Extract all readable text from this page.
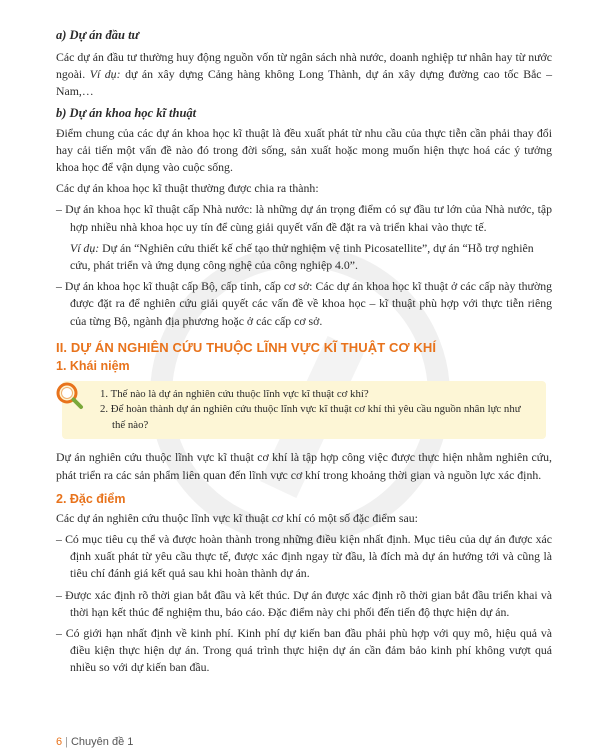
a) Dự án đầu tư

Các dự án đầu tư thường huy động nguồn vốn từ ngân sách nhà nước, doanh nghiệp tư nhân hay từ nước ngoài. Ví dụ: dự án xây dựng Cảng hàng không Long Thành, dự án xây dựng đường cao tốc Bắc – Nam,…

b) Dự án khoa học kĩ thuật

Điểm chung của các dự án khoa học kĩ thuật là đều xuất phát từ nhu cầu của thực tiễn cần phải thay đổi hay cải tiến một vấn đề nào đó trong đời sống, sản xuất hoặc mong muốn hiện thực hoá các ý tưởng khoa học để vận dụng vào cuộc sống.

Các dự án khoa học kĩ thuật thường được chia ra thành:

– Dự án khoa học kĩ thuật cấp Nhà nước: là những dự án trọng điểm có sự đầu tư lớn của Nhà nước, tập hợp nhiều nhà khoa học uy tín để cùng giải quyết vấn đề đặt ra và triển khai vào thực tế.

Ví dụ: Dự án “Nghiên cứu thiết kế chế tạo thử nghiệm vệ tinh Picosatellite”, dự án “Hỗ trợ nghiên cứu, phát triển và ứng dụng công nghệ của công nghiệp 4.0”.

– Dự án khoa học kĩ thuật cấp Bộ, cấp tỉnh, cấp cơ sở: Các dự án khoa học kĩ thuật ở các cấp này thường được đặt ra để nghiên cứu giải quyết các vấn đề về khoa học – kĩ thuật phù hợp với thực tiễn riêng của từng Bộ, ngành địa phương hoặc ở các cấp cơ sở.

II. DỰ ÁN NGHIÊN CỨU THUỘC LĨNH VỰC KĨ THUẬT CƠ KHÍ

1. Khái niệm

1. Thế nào là dự án nghiên cứu thuộc lĩnh vực kĩ thuật cơ khí?
2. Để hoàn thành dự án nghiên cứu thuộc lĩnh vực kĩ thuật cơ khí thì yêu cầu nguồn nhân lực như thế nào?

Dự án nghiên cứu thuộc lĩnh vực kĩ thuật cơ khí là tập hợp công việc được thực hiện nhằm nghiên cứu, phát triển ra các sản phẩm liên quan đến lĩnh vực cơ khí trong khoảng thời gian và nguồn lực xác định.

2. Đặc điểm

Các dự án nghiên cứu thuộc lĩnh vực kĩ thuật cơ khí có một số đặc điểm sau:

– Có mục tiêu cụ thể và được hoàn thành trong những điều kiện nhất định. Mục tiêu của dự án được xác định xuất phát từ yêu cầu thực tế, được xác định ngay từ đầu, là đích mà dự án hướng tới và cũng là tiêu chí đánh giá kết quả sau khi hoàn thành dự án.

– Được xác định rõ thời gian bắt đầu và kết thúc. Dự án được xác định rõ thời gian bắt đầu triển khai và thời hạn kết thúc để nghiệm thu, báo cáo. Đặc điểm này chi phối đến tiến độ thực hiện dự án.

– Có giới hạn nhất định về kinh phí. Kinh phí dự kiến ban đầu phải phù hợp với quy mô, hiệu quả và điều kiện thực hiện dự án. Trong quá trình thực hiện dự án cần đảm bảo kinh phí không vượt quá nhiều so với dự kiến ban đầu.

6 | Chuyên đề 1
